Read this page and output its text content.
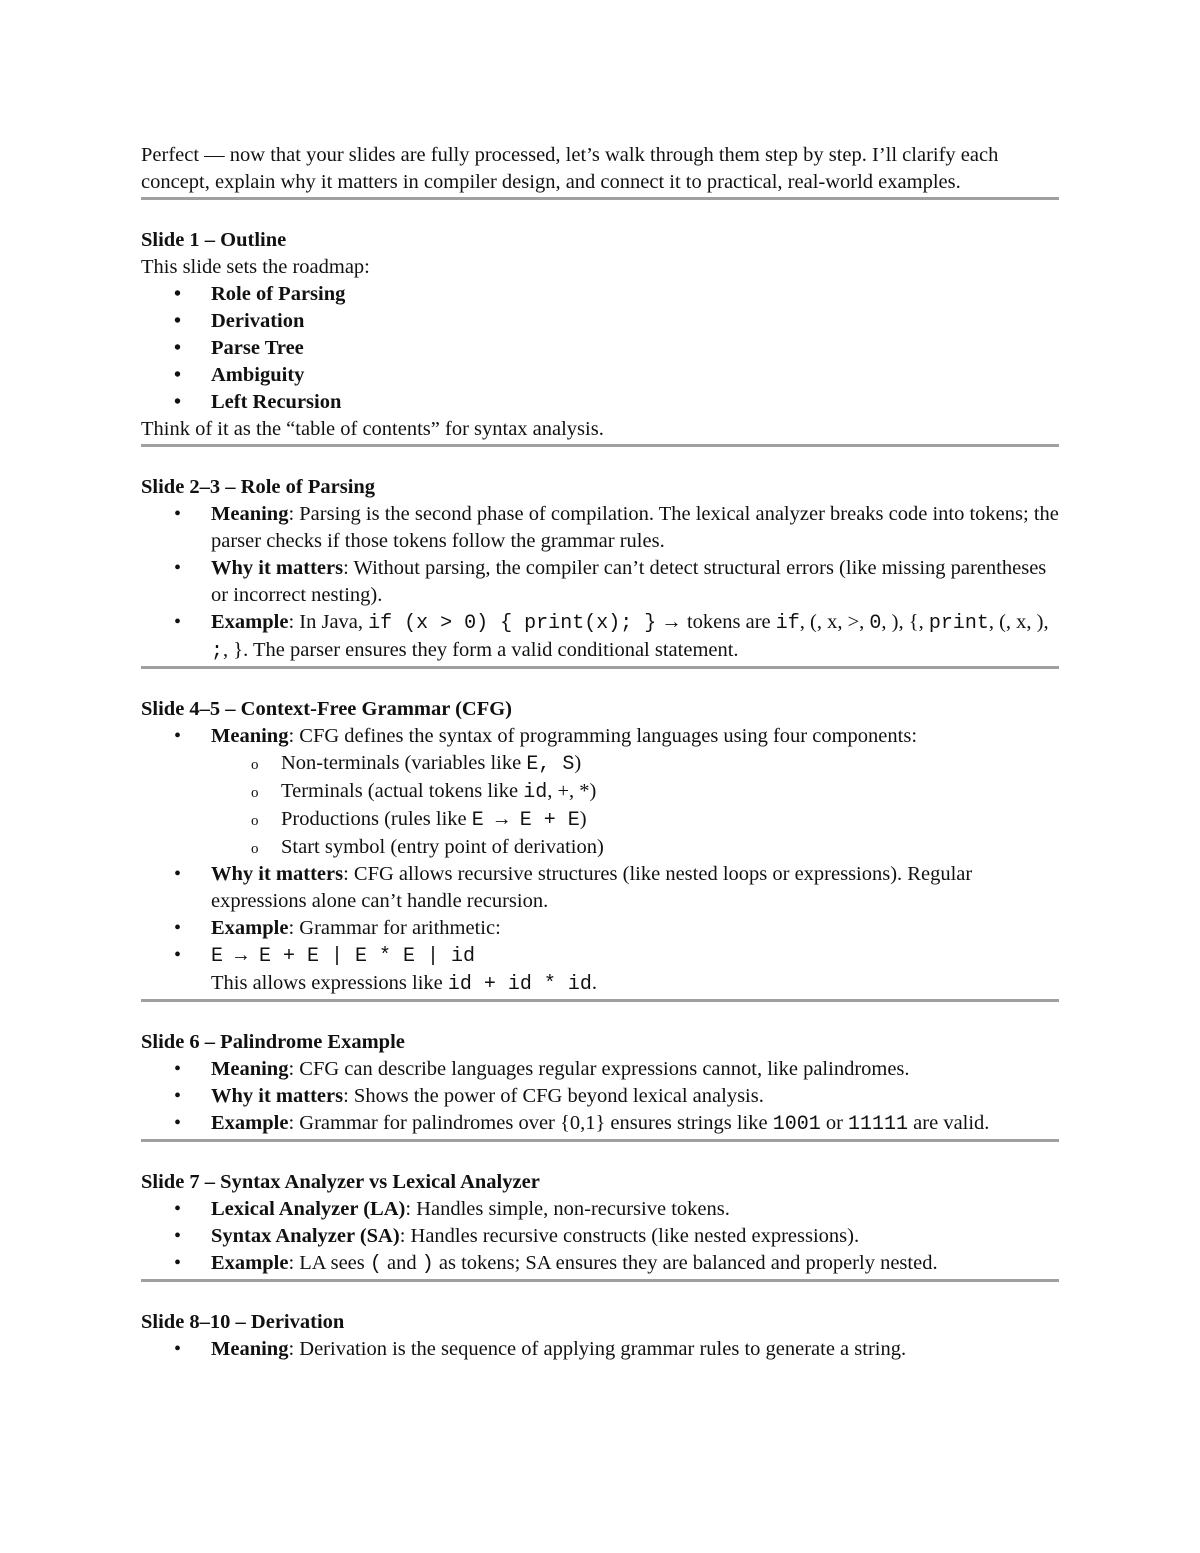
Perfect — now that your slides are fully processed, let’s walk through them step by step. I’ll clarify each concept, explain why it matters in compiler design, and connect it to practical, real-world examples.

Slide 1 – Outline

This slide sets the roadmap:

• Role of Parsing
• Derivation
• Parse Tree
• Ambiguity
• Left Recursion

Think of it as the “table of contents” for syntax analysis.

Slide 2–3 – Role of Parsing

• Meaning: Parsing is the second phase of compilation. The lexical analyzer breaks code into tokens; the parser checks if those tokens follow the grammar rules.
• Why it matters: Without parsing, the compiler can’t detect structural errors (like missing parentheses or incorrect nesting).
• Example: In Java, if (x > 0) { print(x); } → tokens are if, (, x, >, 0, ), {, print, (, x, ), ;, }. The parser ensures they form a valid conditional statement.

Slide 4–5 – Context-Free Grammar (CFG)

• Meaning: CFG defines the syntax of programming languages using four components:
o Non-terminals (variables like E, S)
o Terminals (actual tokens like id, +, *)
o Productions (rules like E → E + E)
o Start symbol (entry point of derivation)
• Why it matters: CFG allows recursive structures (like nested loops or expressions). Regular expressions alone can’t handle recursion.
• Example: Grammar for arithmetic:
• E → E + E | E * E | id
This allows expressions like id + id * id.

Slide 6 – Palindrome Example

• Meaning: CFG can describe languages regular expressions cannot, like palindromes.
• Why it matters: Shows the power of CFG beyond lexical analysis.
• Example: Grammar for palindromes over {0,1} ensures strings like 1001 or 11111 are valid.

Slide 7 – Syntax Analyzer vs Lexical Analyzer

• Lexical Analyzer (LA): Handles simple, non-recursive tokens.
• Syntax Analyzer (SA): Handles recursive constructs (like nested expressions).
• Example: LA sees ( and ) as tokens; SA ensures they are balanced and properly nested.

Slide 8–10 – Derivation

• Meaning: Derivation is the sequence of applying grammar rules to generate a string.
